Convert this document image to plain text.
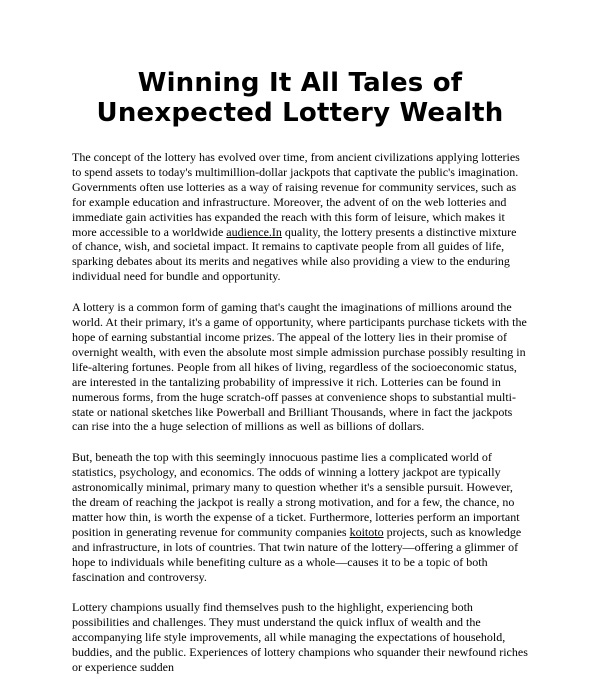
Winning It All Tales of Unexpected Lottery Wealth

The concept of the lottery has evolved over time, from ancient civilizations applying lotteries to spend assets to today's multimillion-dollar jackpots that captivate the public's imagination. Governments often use lotteries as a way of raising revenue for community services, such as for example education and infrastructure. Moreover, the advent of on the web lotteries and immediate gain activities has expanded the reach with this form of leisure, which makes it more accessible to a worldwide audience.In quality, the lottery presents a distinctive mixture of chance, wish, and societal impact. It remains to captivate people from all guides of life, sparking debates about its merits and negatives while also providing a view to the enduring individual need for bundle and opportunity.

A lottery is a common form of gaming that's caught the imaginations of millions around the world. At their primary, it's a game of opportunity, where participants purchase tickets with the hope of earning substantial income prizes. The appeal of the lottery lies in their promise of overnight wealth, with even the absolute most simple admission purchase possibly resulting in life-altering fortunes. People from all hikes of living, regardless of the socioeconomic status, are interested in the tantalizing probability of impressive it rich. Lotteries can be found in numerous forms, from the huge scratch-off passes at convenience shops to substantial multi-state or national sketches like Powerball and Brilliant Thousands, where in fact the jackpots can rise into the a huge selection of millions as well as billions of dollars.

But, beneath the top with this seemingly innocuous pastime lies a complicated world of statistics, psychology, and economics. The odds of winning a lottery jackpot are typically astronomically minimal, primary many to question whether it's a sensible pursuit. However, the dream of reaching the jackpot is really a strong motivation, and for a few, the chance, no matter how thin, is worth the expense of a ticket. Furthermore, lotteries perform an important position in generating revenue for community companies koitoto projects, such as knowledge and infrastructure, in lots of countries. That twin nature of the lottery—offering a glimmer of hope to individuals while benefiting culture as a whole—causes it to be a topic of both fascination and controversy.

Lottery champions usually find themselves push to the highlight, experiencing both possibilities and challenges. They must understand the quick influx of wealth and the accompanying life style improvements, all while managing the expectations of household, buddies, and the public. Experiences of lottery champions who squander their newfound riches or experience sudden
